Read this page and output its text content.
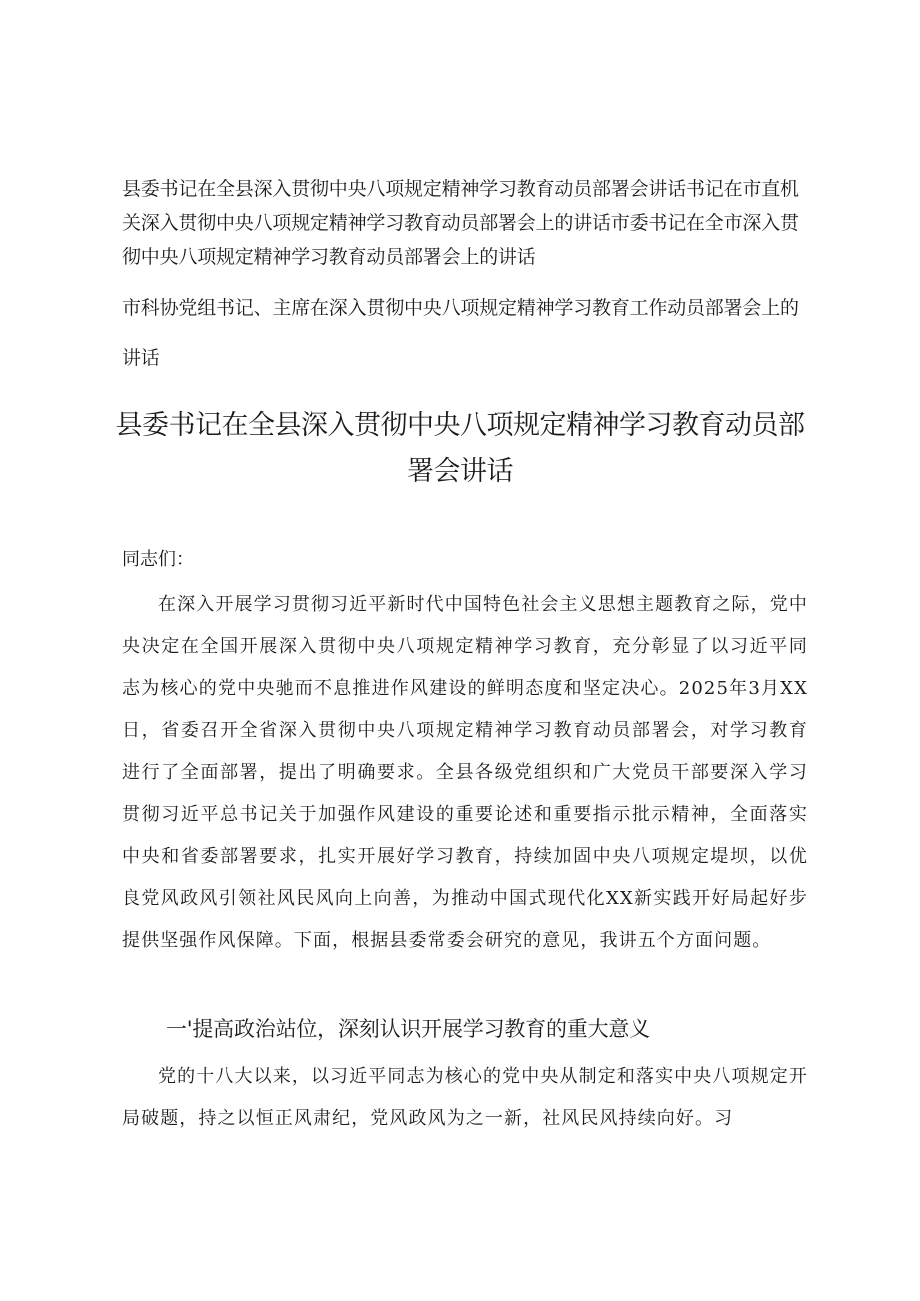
县委书记在全县深入贯彻中央八项规定精神学习教育动员部署会讲话书记在市直机关深入贯彻中央八项规定精神学习教育动员部署会上的讲话市委书记在全市深入贯彻中央八项规定精神学习教育动员部署会上的讲话
市科协党组书记、主席在深入贯彻中央八项规定精神学习教育工作动员部署会上的讲话
县委书记在全县深入贯彻中央八项规定精神学习教育动员部署会讲话
同志们：
在深入开展学习贯彻习近平新时代中国特色社会主义思想主题教育之际，党中央决定在全国开展深入贯彻中央八项规定精神学习教育，充分彰显了以习近平同志为核心的党中央驰而不息推进作风建设的鲜明态度和坚定决心。2025年3月XX日，省委召开全省深入贯彻中央八项规定精神学习教育动员部署会，对学习教育进行了全面部署，提出了明确要求。全县各级党组织和广大党员干部要深入学习贯彻习近平总书记关于加强作风建设的重要论述和重要指示批示精神，全面落实中央和省委部署要求，扎实开展好学习教育，持续加固中央八项规定堤坝，以优良党风政风引领社风民风向上向善，为推动中国式现代化XX新实践开好局起好步提供坚强作风保障。下面，根据县委常委会研究的意见，我讲五个方面问题。
一'提高政治站位，深刻认识开展学习教育的重大意义
党的十八大以来，以习近平同志为核心的党中央从制定和落实中央八项规定开局破题，持之以恒正风肃纪，党风政风为之一新，社风民风持续向好。习
